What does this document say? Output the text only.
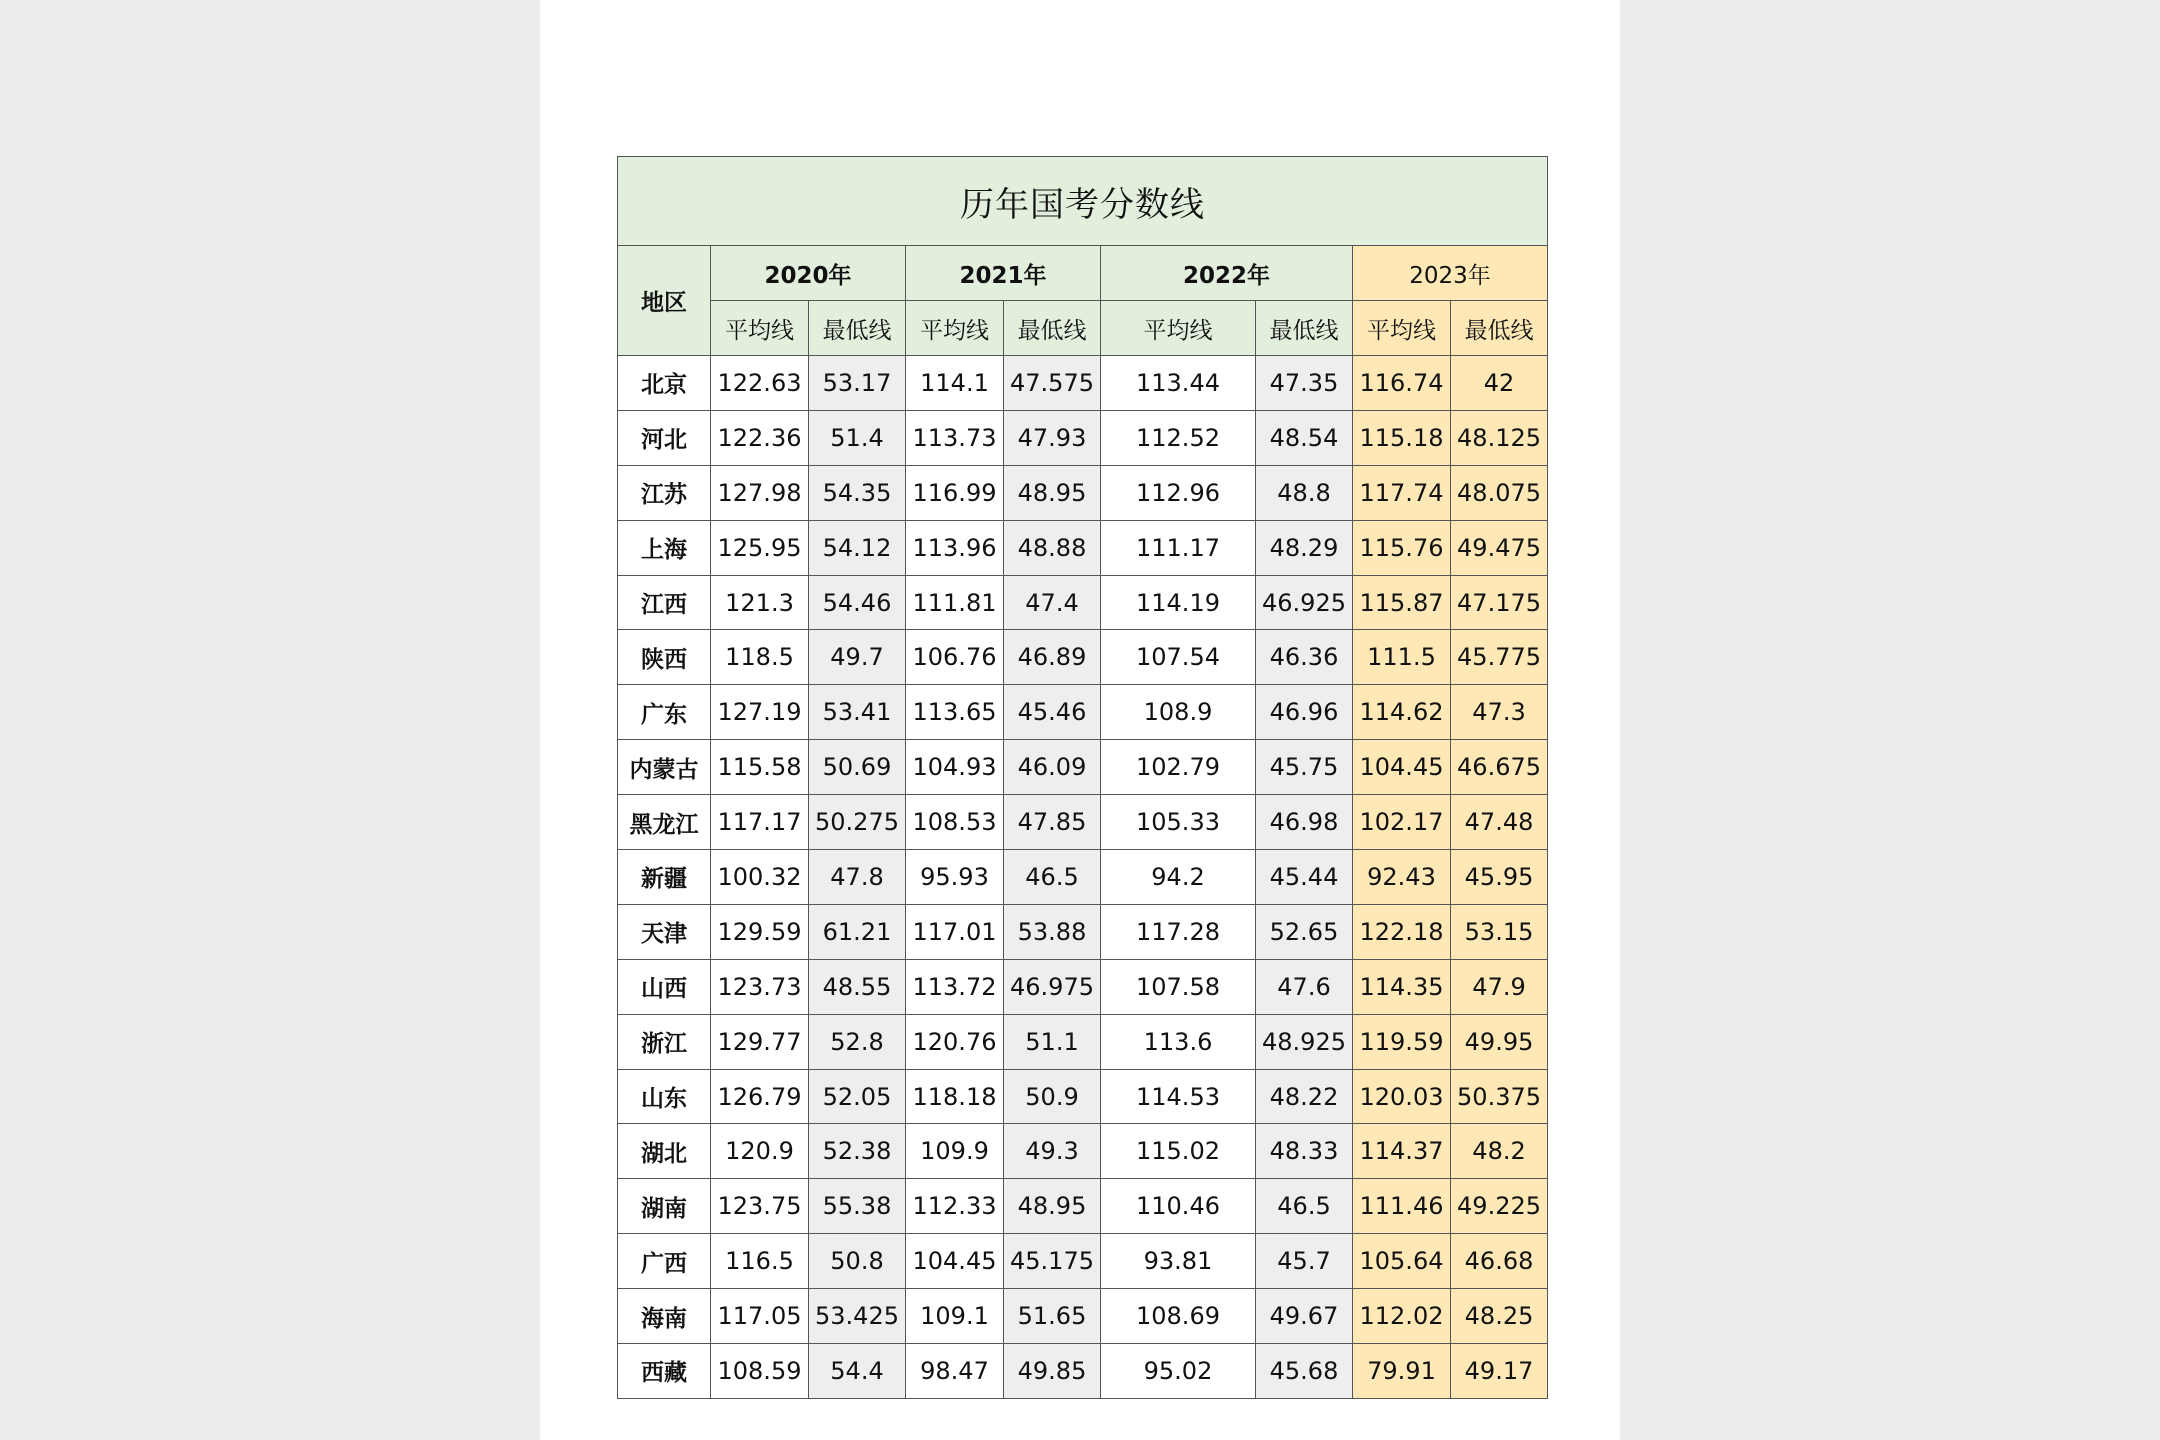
历年国考分数线								
地区	2020年		2021年		2022年		2023年	
	平均线	最低线	平均线	最低线	平均线	最低线	平均线	最低线
北京	122.63	53.17	114.1	47.575	113.44	47.35	116.74	42
河北	122.36	51.4	113.73	47.93	112.52	48.54	115.18	48.125
江苏	127.98	54.35	116.99	48.95	112.96	48.8	117.74	48.075
上海	125.95	54.12	113.96	48.88	111.17	48.29	115.76	49.475
江西	121.3	54.46	111.81	47.4	114.19	46.925	115.87	47.175
陕西	118.5	49.7	106.76	46.89	107.54	46.36	111.5	45.775
广东	127.19	53.41	113.65	45.46	108.9	46.96	114.62	47.3
内蒙古	115.58	50.69	104.93	46.09	102.79	45.75	104.45	46.675
黑龙江	117.17	50.275	108.53	47.85	105.33	46.98	102.17	47.48
新疆	100.32	47.8	95.93	46.5	94.2	45.44	92.43	45.95
天津	129.59	61.21	117.01	53.88	117.28	52.65	122.18	53.15
山西	123.73	48.55	113.72	46.975	107.58	47.6	114.35	47.9
浙江	129.77	52.8	120.76	51.1	113.6	48.925	119.59	49.95
山东	126.79	52.05	118.18	50.9	114.53	48.22	120.03	50.375
湖北	120.9	52.38	109.9	49.3	115.02	48.33	114.37	48.2
湖南	123.75	55.38	112.33	48.95	110.46	46.5	111.46	49.225
广西	116.5	50.8	104.45	45.175	93.81	45.7	105.64	46.68
海南	117.05	53.425	109.1	51.65	108.69	49.67	112.02	48.25
西藏	108.59	54.4	98.47	49.85	95.02	45.68	79.91	49.17
